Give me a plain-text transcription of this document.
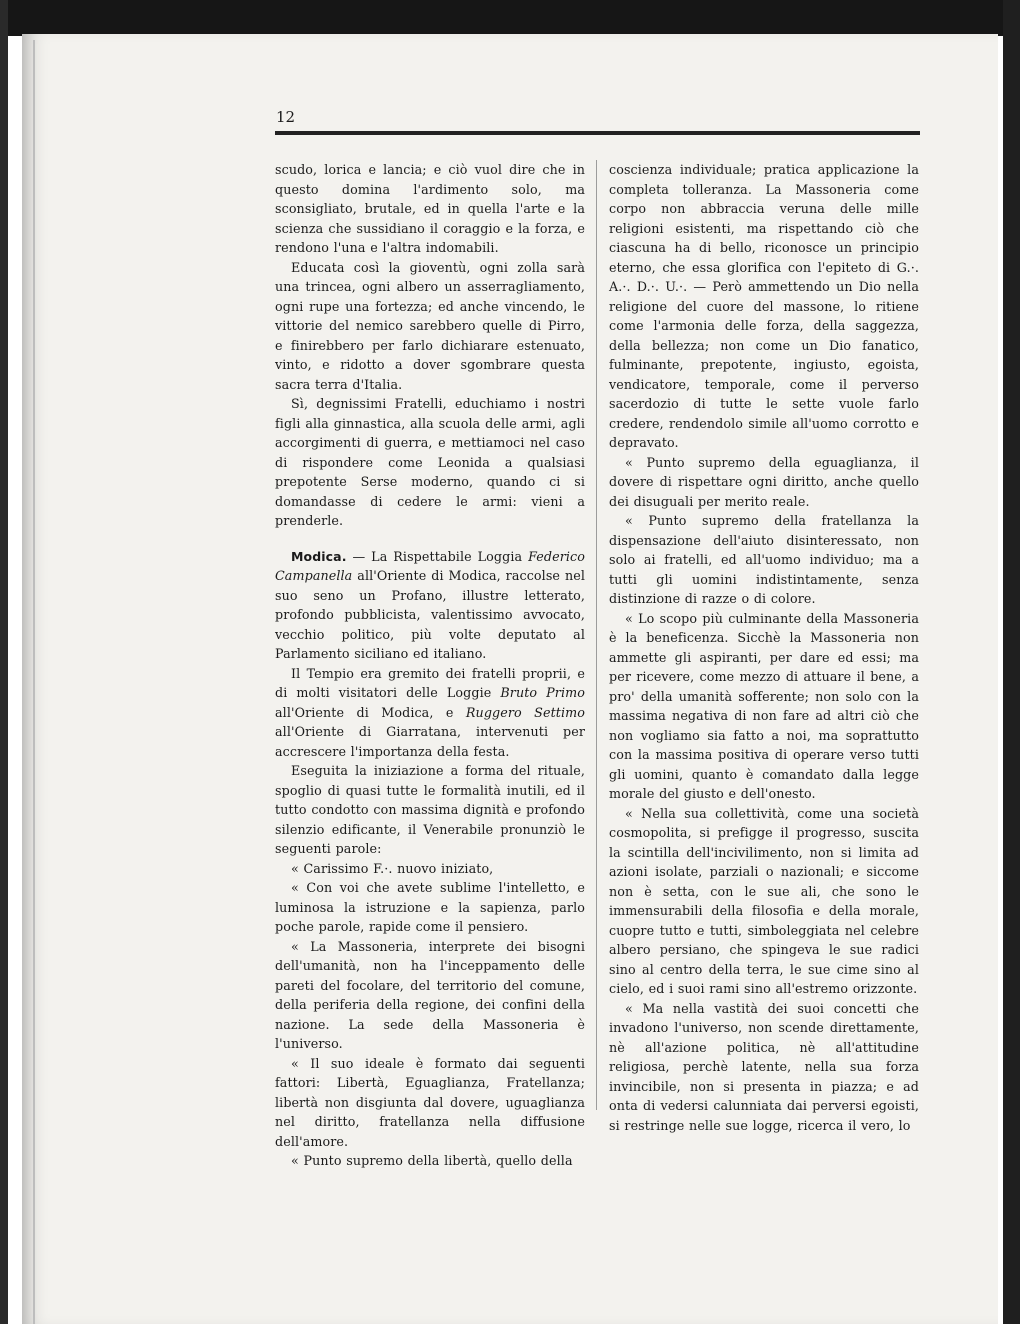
12

scudo, lorica e lancia; e ciò vuol dire che in questo domina l'ardimento solo, ma sconsigliato, brutale, ed in quella l'arte e la scienza che sussidiano il coraggio e la forza, e rendono l'una e l'altra indomabili.

Educata così la gioventù, ogni zolla sarà una trincea, ogni albero un asserragliamento, ogni rupe una fortezza; ed anche vincendo, le vittorie del nemico sarebbero quelle di Pirro, e finirebbero per farlo dichiarare estenuato, vinto, e ridotto a dover sgombrare questa sacra terra d'Italia.

Sì, degnissimi Fratelli, educhiamo i nostri figli alla ginnastica, alla scuola delle armi, agli accorgimenti di guerra, e mettiamoci nel caso di rispondere come Leonida a qualsiasi prepotente Serse moderno, quando ci si domandasse di cedere le armi: vieni a prenderle.

Modica. — La Rispettabile Loggia Federico Campanella all'Oriente di Modica, raccolse nel suo seno un Profano, illustre letterato, profondo pubblicista, valentissimo avvocato, vecchio politico, più volte deputato al Parlamento siciliano ed italiano.

Il Tempio era gremito dei fratelli proprii, e di molti visitatori delle Loggie Bruto Primo all'Oriente di Modica, e Ruggero Settimo all'Oriente di Giarratana, intervenuti per accrescere l'importanza della festa.

Eseguita la iniziazione a forma del rituale, spoglio di quasi tutte le formalità inutili, ed il tutto condotto con massima dignità e profondo silenzio edificante, il Venerabile pronunziò le seguenti parole:

« Carissimo F.·. nuovo iniziato,

« Con voi che avete sublime l'intelletto, e luminosa la istruzione e la sapienza, parlo poche parole, rapide come il pensiero.

« La Massoneria, interprete dei bisogni dell'umanità, non ha l'inceppamento delle pareti del focolare, del territorio del comune, della periferia della regione, dei confini della nazione. La sede della Massoneria è l'universo.

« Il suo ideale è formato dai seguenti fattori: Libertà, Eguaglianza, Fratellanza; libertà non disgiunta dal dovere, uguaglianza nel diritto, fratellanza nella diffusione dell'amore.

« Punto supremo della libertà, quello della

coscienza individuale; pratica applicazione la completa tolleranza. La Massoneria come corpo non abbraccia veruna delle mille religioni esistenti, ma rispettando ciò che ciascuna ha di bello, riconosce un principio eterno, che essa glorifica con l'epiteto di G.·. A.·. D.·. U.·. — Però ammettendo un Dio nella religione del cuore del massone, lo ritiene come l'armonia delle forza, della saggezza, della bellezza; non come un Dio fanatico, fulminante, prepotente, ingiusto, egoista, vendicatore, temporale, come il perverso sacerdozio di tutte le sette vuole farlo credere, rendendolo simile all'uomo corrotto e depravato.

« Punto supremo della eguaglianza, il dovere di rispettare ogni diritto, anche quello dei disuguali per merito reale.

« Punto supremo della fratellanza la dispensazione dell'aiuto disinteressato, non solo ai fratelli, ed all'uomo individuo; ma a tutti gli uomini indistintamente, senza distinzione di razze o di colore.

« Lo scopo più culminante della Massoneria è la beneficenza. Sicchè la Massoneria non ammette gli aspiranti, per dare ed essi; ma per ricevere, come mezzo di attuare il bene, a pro' della umanità sofferente; non solo con la massima negativa di non fare ad altri ciò che non vogliamo sia fatto a noi, ma soprattutto con la massima positiva di operare verso tutti gli uomini, quanto è comandato dalla legge morale del giusto e dell'onesto.

« Nella sua collettività, come una società cosmopolita, si prefigge il progresso, suscita la scintilla dell'incivilimento, non si limita ad azioni isolate, parziali o nazionali; e siccome non è setta, con le sue ali, che sono le immensurabili della filosofia e della morale, cuopre tutto e tutti, simboleggiata nel celebre albero persiano, che spingeva le sue radici sino al centro della terra, le sue cime sino al cielo, ed i suoi rami sino all'estremo orizzonte.

« Ma nella vastità dei suoi concetti che invadono l'universo, non scende direttamente, nè all'azione politica, nè all'attitudine religiosa, perchè latente, nella sua forza invincibile, non si presenta in piazza; e ad onta di vedersi calunniata dai perversi egoisti, si restringe nelle sue logge, ricerca il vero, lo
